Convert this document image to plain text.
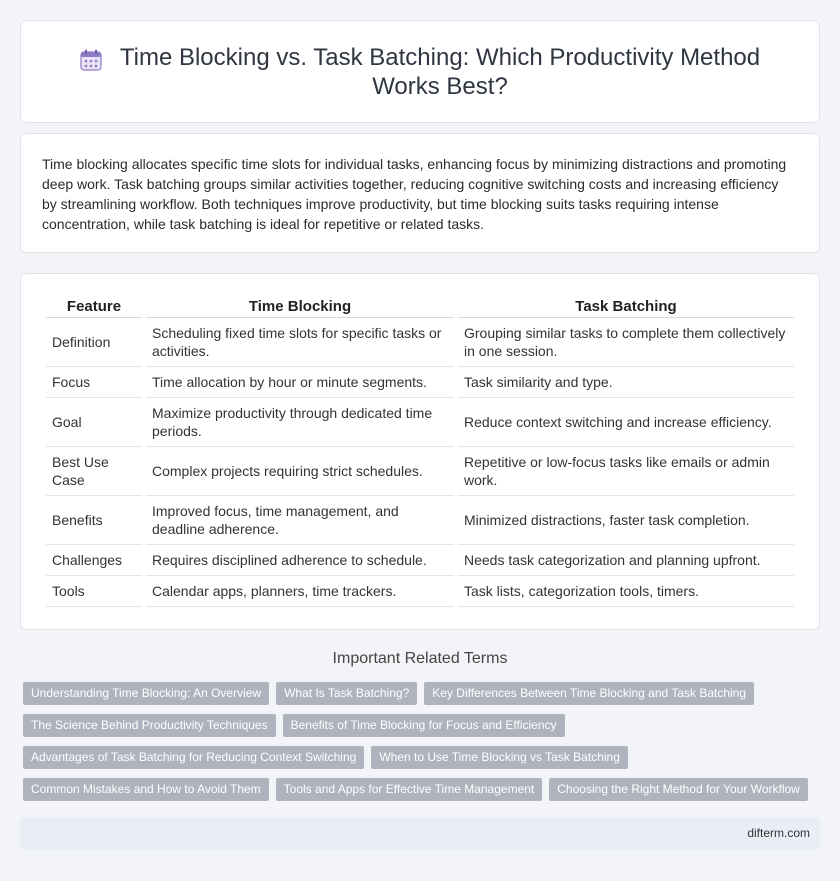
Time Blocking vs. Task Batching: Which Productivity Method Works Best?

Time blocking allocates specific time slots for individual tasks, enhancing focus by minimizing distractions and promoting deep work. Task batching groups similar activities together, reducing cognitive switching costs and increasing efficiency by streamlining workflow. Both techniques improve productivity, but time blocking suits tasks requiring intense concentration, while task batching is ideal for repetitive or related tasks.

Feature	Time Blocking	Task Batching
Definition	Scheduling fixed time slots for specific tasks or activities.	Grouping similar tasks to complete them collectively in one session.
Focus	Time allocation by hour or minute segments.	Task similarity and type.
Goal	Maximize productivity through dedicated time periods.	Reduce context switching and increase efficiency.
Best Use Case	Complex projects requiring strict schedules.	Repetitive or low-focus tasks like emails or admin work.
Benefits	Improved focus, time management, and deadline adherence.	Minimized distractions, faster task completion.
Challenges	Requires disciplined adherence to schedule.	Needs task categorization and planning upfront.
Tools	Calendar apps, planners, time trackers.	Task lists, categorization tools, timers.
Important Related Terms
Understanding Time Blocking: An Overview	What Is Task Batching?	Key Differences Between Time Blocking and Task Batching
The Science Behind Productivity Techniques	Benefits of Time Blocking for Focus and Efficiency
Advantages of Task Batching for Reducing Context Switching	When to Use Time Blocking vs Task Batching
Common Mistakes and How to Avoid Them	Tools and Apps for Effective Time Management	Choosing the Right Method for Your Workflow
difterm.com
